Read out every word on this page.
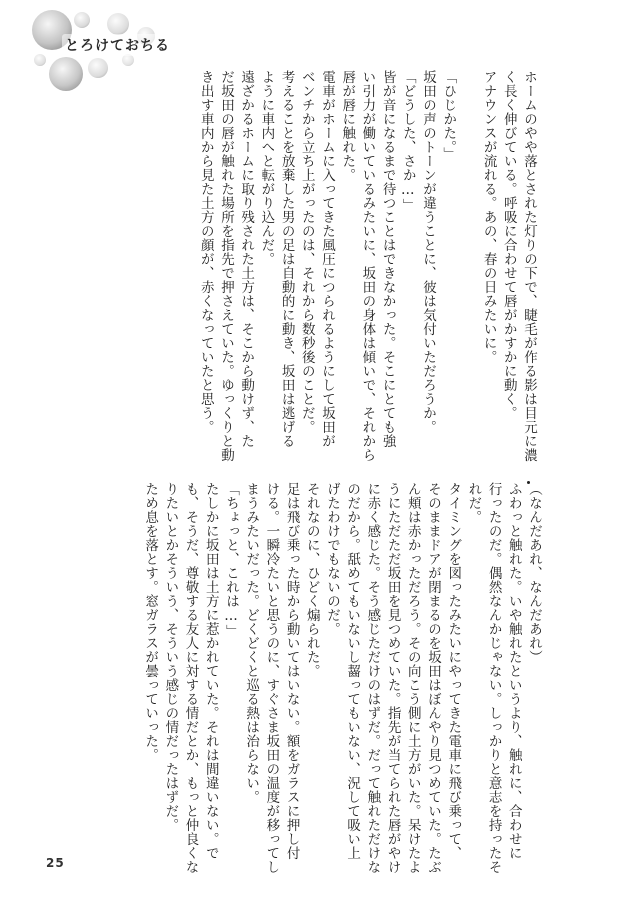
とろけておちる

ホームのやや落とされた灯りの下で、睫毛が作る影は目元に濃

く長く伸びている。呼吸に合わせて唇がかすかに動く。

アナウンスが流れる。あの、春の日みたいに。

「ひじかた。」

坂田の声のトーンが違うことに、彼は気付いただろうか。

「どうした、さか…」

皆が音になるまで待つことはできなかった。そこにとても強

い引力が働いているみたいに、坂田の身体は傾いで、それから

唇が唇に触れた。

電車がホームに入ってきた風圧につられるようにして坂田が

ベンチから立ち上がったのは、それから数秒後のことだ。

考えることを放棄した男の足は自動的に動き、坂田は逃げる

ように車内へと転がり込んだ。

遠ざかるホームに取り残された土方は、そこから動けず、た

だ坂田の唇が触れた場所を指先で押さえていた。ゆっくりと動

き出す車内から見た土方の顔が、赤くなっていたと思う。

（なんだあれ、なんだあれ）

ふわっと触れた。いや触れたというより、触れに、合わせに

行ったのだ。偶然なんかじゃない。しっかりと意志を持ったそ

れだ。

タイミングを図ったみたいにやってきた電車に飛び乗って、

そのままドアが閉まるのを坂田はぼんやり見つめていた。たぶ

ん頬は赤かっただろう。その向こう側に土方がいた。呆けたよ

うにただただ坂田を見つめていた。指先が当てられた唇がやけ

に赤く感じた。そう感じただけのはずだ。だって触れただけな

のだから。舐めてもいないし齧ってもいない、況して吸い上

げたわけでもないのだ。

それなのに、ひどく煽られた。

足は飛び乗った時から動いてはいない。額をガラスに押し付

ける。一瞬冷たいと思うのに、すぐさま坂田の温度が移ってし

まうみたいだった。どくどくと巡る熱は治らない。

「ちょっと、これは…」

たしかに坂田は土方に惹かれていた。それは間違いない。で

も、そうだ、尊敬する友人に対する情だとか、もっと仲良くな

りたいとかそういう、そういう感じの情だったはずだ。

ため息を落とす。窓ガラスが曇っていった。

25
